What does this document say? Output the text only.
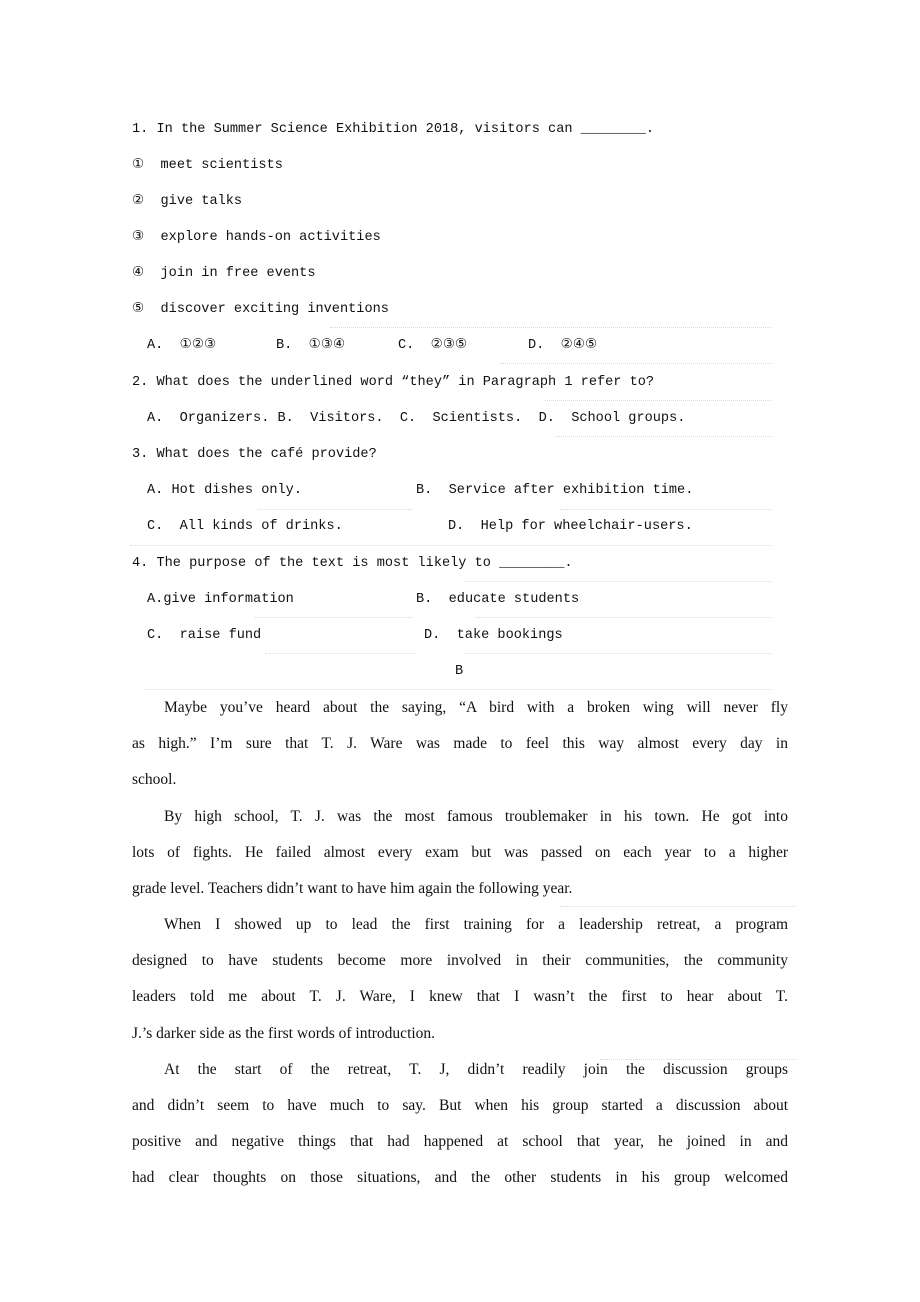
1. In the Summer Science Exhibition 2018, visitors can ________.
①  meet scientists
②  give talks
③  explore hands-on activities
④  join in free events
⑤  discover exciting inventions
A.  ①②③	B.  ①③④	C.  ②③⑤	D.  ②④⑤
2. What does the underlined word “they” in Paragraph 1 refer to?
A.  Organizers. B.  Visitors.  C.  Scientists.  D.  School groups.
3. What does the café provide?
A. Hot dishes only.	B.  Service after exhibition time.
C.  All kinds of drinks.	D.  Help for wheelchair-users.
4. The purpose of the text is most likely to ________.
A.give information	B.  educate students
C.  raise fund	D.  take bookings
B
Maybe you’ve heard about the saying, “A bird with a broken wing will never fly
as high.” I’m sure that T. J. Ware was made to feel this way almost every day in
school.
By high school, T. J. was the most famous troublemaker in his town. He got into
lots of fights. He failed almost every exam but was passed on each year to a higher
grade level. Teachers didn’t want to have him again the following year.
When I showed up to lead the first training for a leadership retreat, a program
designed to have students become more involved in their communities, the community
leaders told me about T. J. Ware, I knew that I wasn’t the first to hear about T.
J.’s darker side as the first words of introduction.
At the start of the retreat, T. J, didn’t readily join the discussion groups
and didn’t seem to have much to say. But when his group started a discussion about
positive and negative things that had happened at school that year, he joined in and
had clear thoughts on those situations, and the other students in his group welcomed
